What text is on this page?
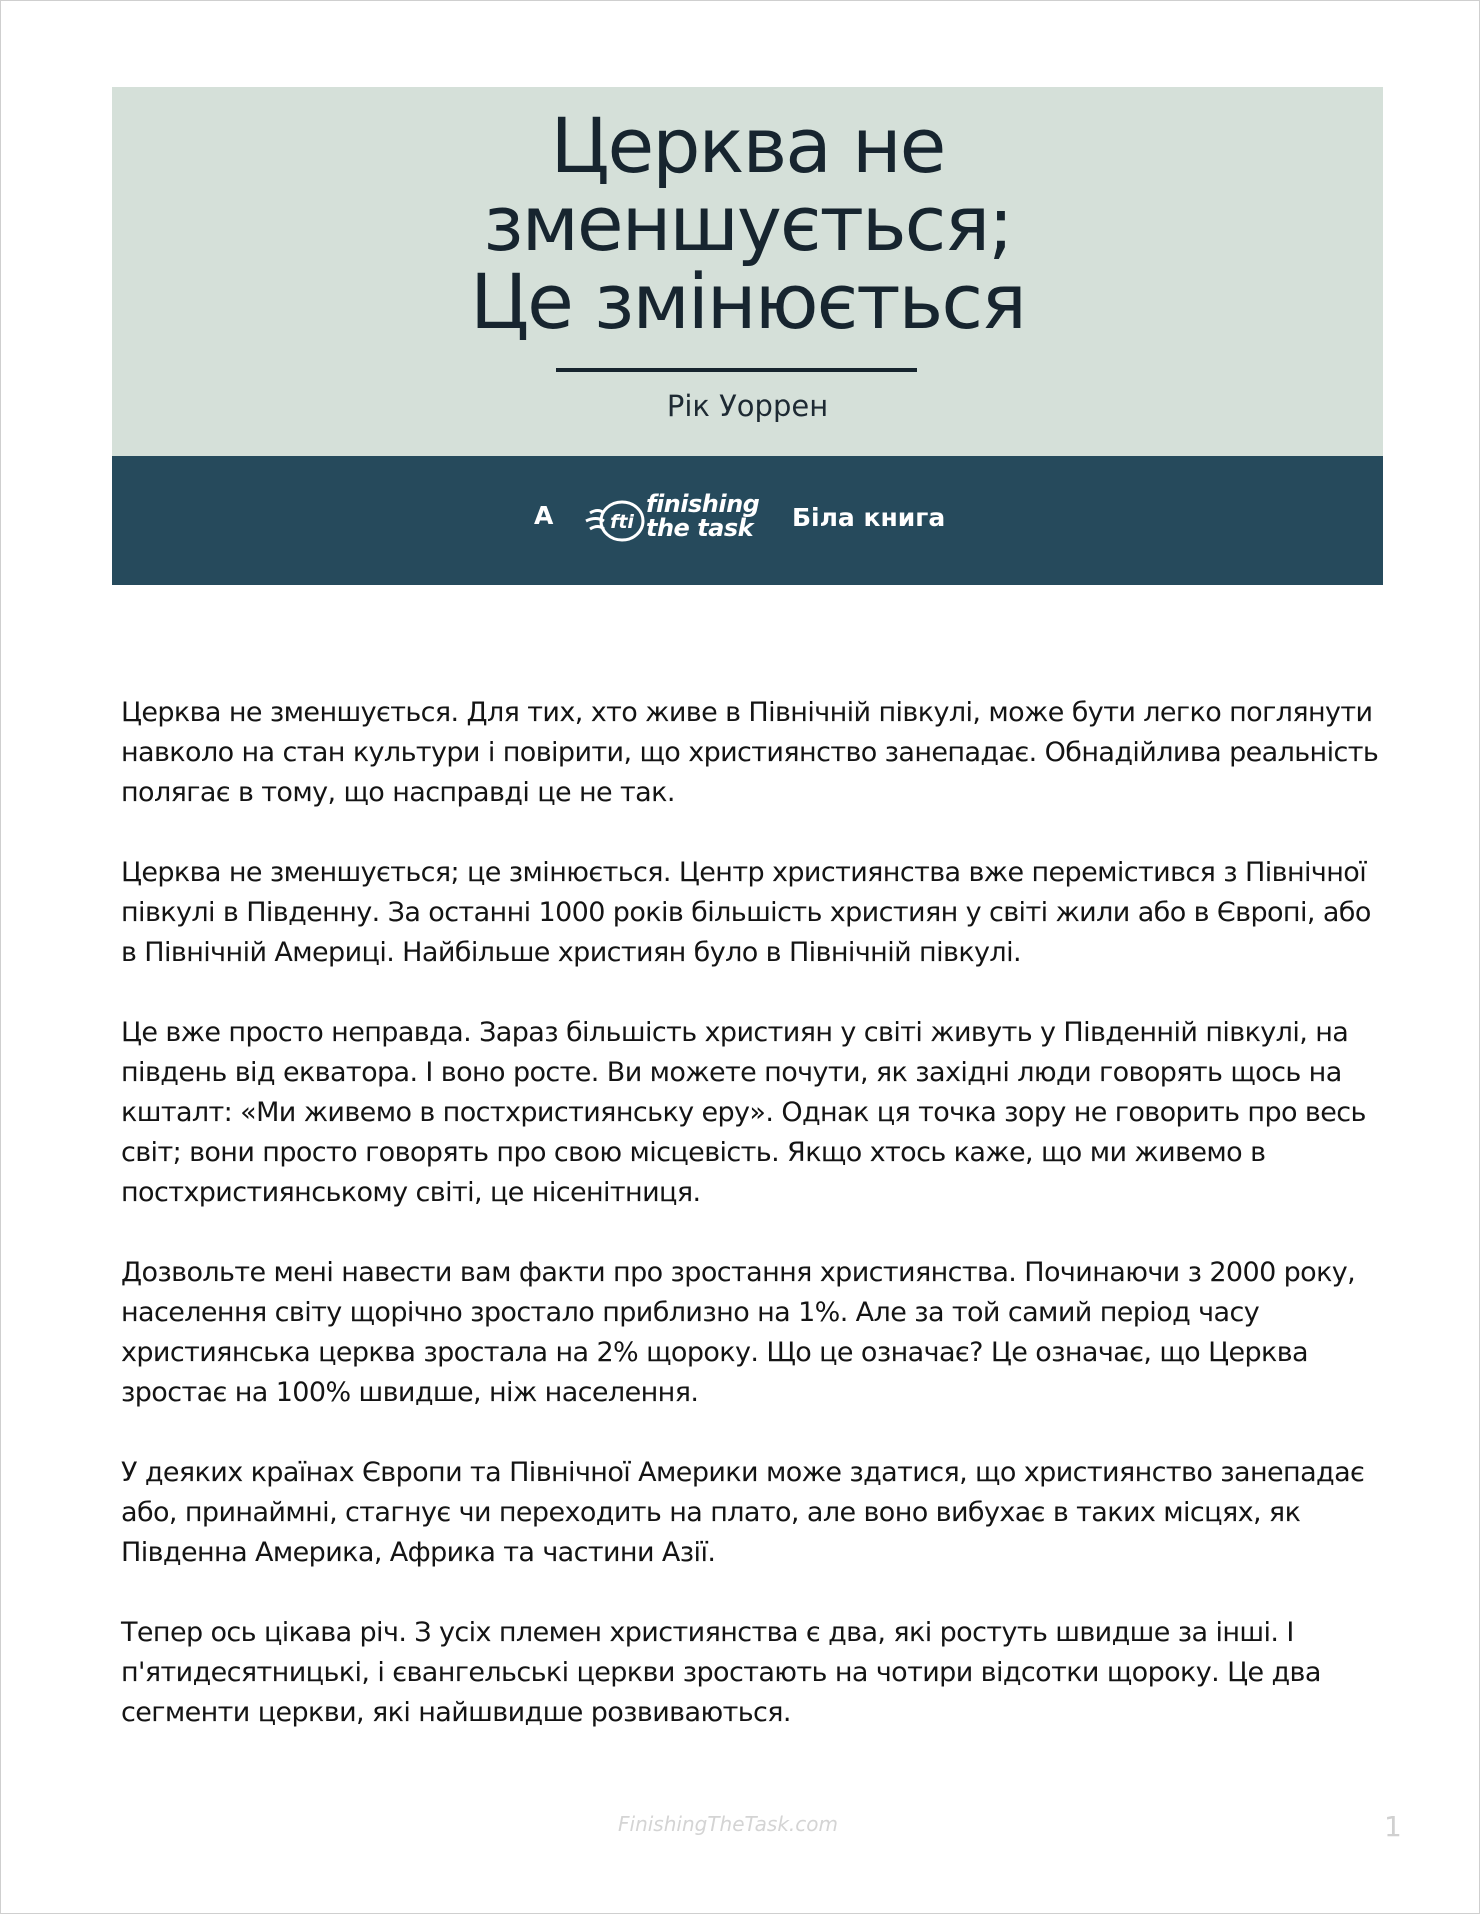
Церква не
зменшується;
Це змінюється
Рік Уоррен
A	fti
finishing
the task Біла книга

Церква не зменшується. Для тих, хто живе в Північній півкулі, може бути легко поглянути навколо на стан культури і повірити, що християнство занепадає. Обнадійлива реальність полягає в тому, що насправді це не так.

Церква не зменшується; це змінюється. Центр християнства вже перемістився з Північної півкулі в Південну. За останні 1000 років більшість християн у світі жили або в Європі, або в Північній Америці. Найбільше християн було в Північній півкулі.

Це вже просто неправда. Зараз більшість християн у світі живуть у Південній півкулі, на південь від екватора. І воно росте. Ви можете почути, як західні люди говорять щось на кшталт: «Ми живемо в постхристиянську еру». Однак ця точка зору не говорить про весь світ; вони просто говорять про свою місцевість. Якщо хтось каже, що ми живемо в постхристиянському світі, це нісенітниця.

Дозвольте мені навести вам факти про зростання християнства. Починаючи з 2000 року, населення світу щорічно зростало приблизно на 1%. Але за той самий період часу християнська церква зростала на 2% щороку. Що це означає? Це означає, що Церква зростає на 100% швидше, ніж населення.

У деяких країнах Європи та Північної Америки може здатися, що християнство занепадає або, принаймні, стагнує чи переходить на плато, але воно вибухає в таких місцях, як Південна Америка, Африка та частини Азії.

Тепер ось цікава річ. З усіх племен християнства є два, які ростуть швидше за інші. І п'ятидесятницькі, і євангельські церкви зростають на чотири відсотки щороку. Це два сегменти церкви, які найшвидше розвиваються.

FinishingTheTask.com	1
